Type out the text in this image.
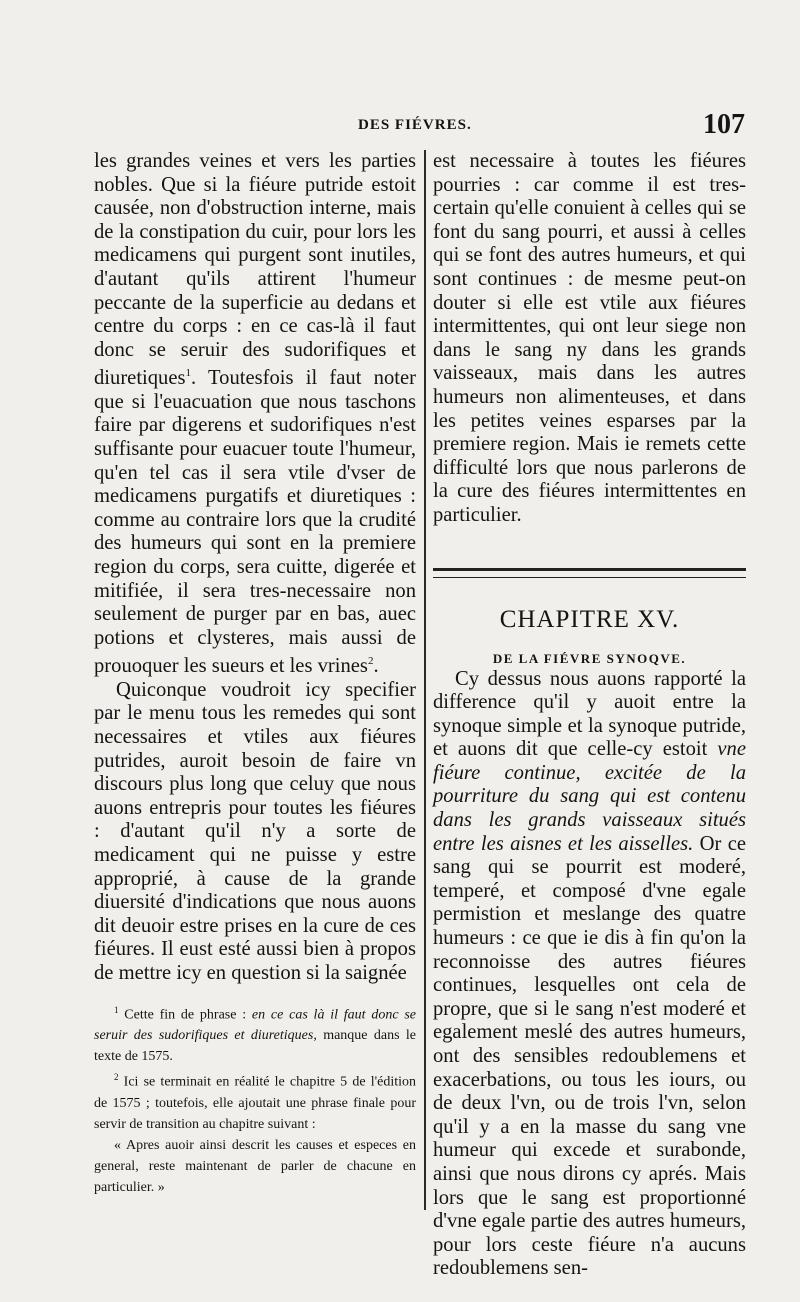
DES FIÉVRES.	107

les grandes veines et vers les parties nobles. Que si la fiéure putride estoit causée, non d'obstruction interne, mais de la constipation du cuir, pour lors les medicamens qui purgent sont inutiles, d'autant qu'ils attirent l'humeur peccante de la superficie au dedans et centre du corps : en ce cas-là il faut donc se seruir des sudorifiques et diuretiques$^1$. Toutesfois il faut noter que si l'euacuation que nous taschons faire par digerens et sudorifiques n'est suffisante pour euacuer toute l'humeur, qu'en tel cas il sera vtile d'vser de medicamens purgatifs et diuretiques : comme au contraire lors que la crudité des humeurs qui sont en la premiere region du corps, sera cuitte, digerée et mitifiée, il sera tres-necessaire non seulement de purger par en bas, auec potions et clysteres, mais aussi de prouoquer les sueurs et les vrines$^2$.

Quiconque voudroit icy specifier par le menu tous les remedes qui sont necessaires et vtiles aux fiéures putrides, auroit besoin de faire vn discours plus long que celuy que nous auons entrepris pour toutes les fiéures : d'autant qu'il n'y a sorte de medicament qui ne puisse y estre approprié, à cause de la grande diuersité d'indications que nous auons dit deuoir estre prises en la cure de ces fiéures. Il eust esté aussi bien à propos de mettre icy en question si la saignée

$^1$ Cette fin de phrase : en ce cas là il faut donc se seruir des sudorifiques et diuretiques, manque dans le texte de 1575.

$^2$ Ici se terminait en réalité le chapitre 5 de l'édition de 1575 ; toutefois, elle ajoutait une phrase finale pour servir de transition au chapitre suivant :

« Apres auoir ainsi descrit les causes et especes en general, reste maintenant de parler de chacune en particulier. »

est necessaire à toutes les fiéures pourries : car comme il est tres-certain qu'elle conuient à celles qui se font du sang pourri, et aussi à celles qui se font des autres humeurs, et qui sont continues : de mesme peut-on douter si elle est vtile aux fiéures intermittentes, qui ont leur siege non dans le sang ny dans les grands vaisseaux, mais dans les autres humeurs non alimenteuses, et dans les petites veines esparses par la premiere region. Mais ie remets cette difficulté lors que nous parlerons de la cure des fiéures intermittentes en particulier.

CHAPITRE XV.
DE LA FIÉVRE SYNOQVE.

Cy dessus nous auons rapporté la difference qu'il y auoit entre la synoque simple et la synoque putride, et auons dit que celle-cy estoit vne fiéure continue, excitée de la pourriture du sang qui est contenu dans les grands vaisseaux situés entre les aisnes et les aisselles. Or ce sang qui se pourrit est moderé, temperé, et composé d'vne egale permistion et meslange des quatre humeurs : ce que ie dis à fin qu'on la reconnoisse des autres fiéures continues, lesquelles ont cela de propre, que si le sang n'est moderé et egalement meslé des autres humeurs, ont des sensibles redoublemens et exacerbations, ou tous les iours, ou de deux l'vn, ou de trois l'vn, selon qu'il y a en la masse du sang vne humeur qui excede et surabonde, ainsi que nous dirons cy aprés. Mais lors que le sang est proportionné d'vne egale partie des autres humeurs, pour lors ceste fiéure n'a aucuns redoublemens sen-
